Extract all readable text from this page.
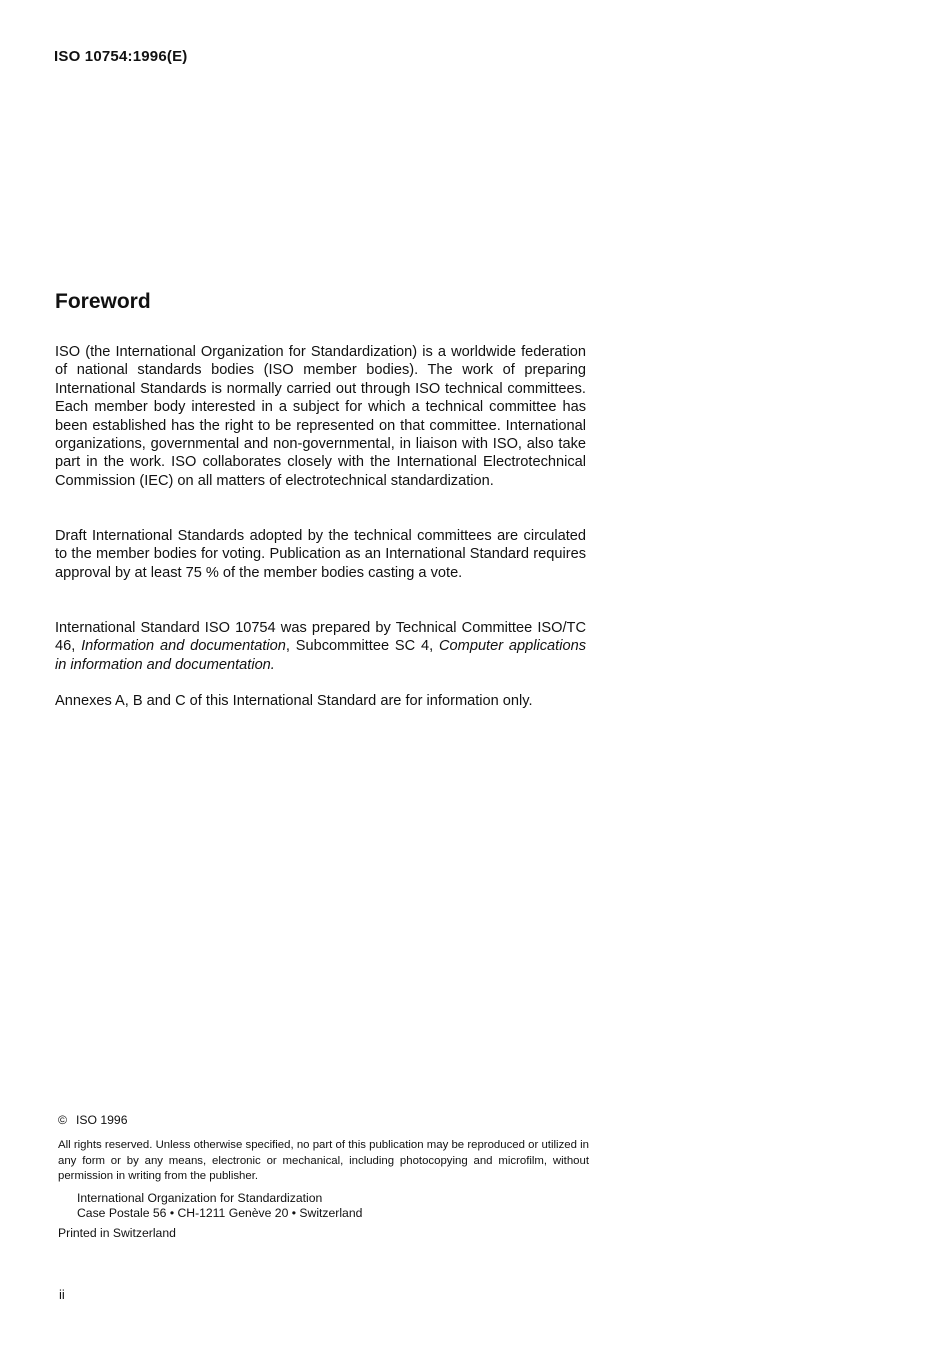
ISO 10754:1996(E)
Foreword

ISO (the International Organization for Standardization) is a worldwide federation of national standards bodies (ISO member bodies). The work of preparing International Standards is normally carried out through ISO technical committees. Each member body interested in a subject for which a technical committee has been established has the right to be represented on that committee. International organizations, governmental and non-governmental, in liaison with ISO, also take part in the work. ISO collaborates closely with the International Electrotechnical Commission (IEC) on all matters of electrotechnical standardization.

Draft International Standards adopted by the technical committees are circulated to the member bodies for voting. Publication as an International Standard requires approval by at least 75 % of the member bodies casting a vote.

International Standard ISO 10754 was prepared by Technical Committee ISO/TC 46, Information and documentation, Subcommittee SC 4, Computer applications in information and documentation.

Annexes A, B and C of this International Standard are for information only.

© ISO 1996
All rights reserved. Unless otherwise specified, no part of this publication may be reproduced or utilized in any form or by any means, electronic or mechanical, including photocopying and microfilm, without permission in writing from the publisher.
International Organization for Standardization
Case Postale 56 • CH-1211 Genève 20 • Switzerland
Printed in Switzerland
ii
